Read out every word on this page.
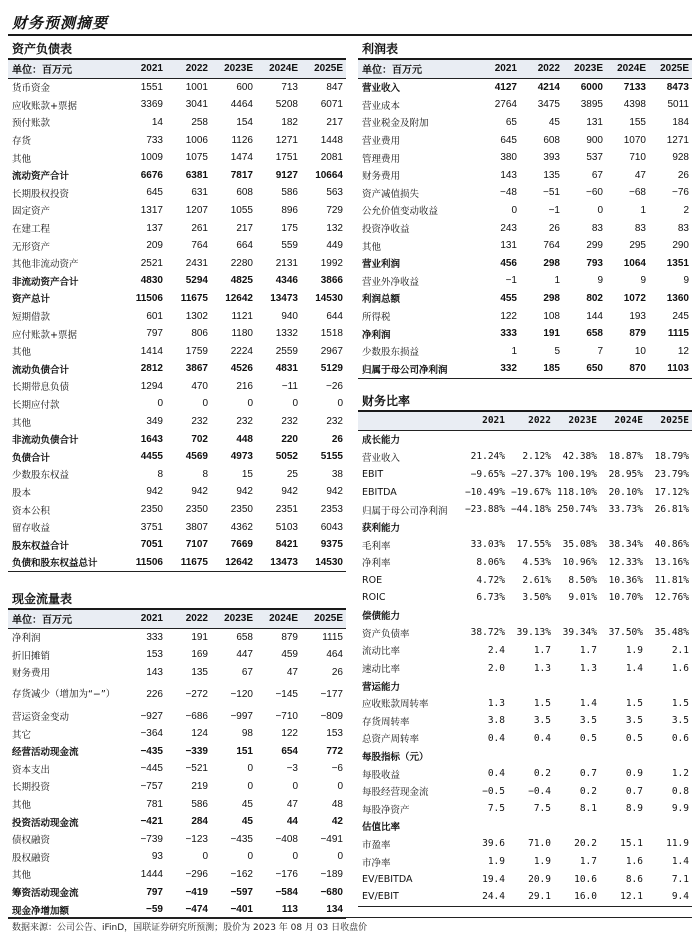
财务预测摘要
资产负债表
单位：百万元	2021	2022	2023E	2024E	2025E
货币资金	1551	1001	600	713	847
应收账款+票据	3369	3041	4464	5208	6071
预付账款	14	258	154	182	217
存货	733	1006	1126	1271	1448
其他	1009	1075	1474	1751	2081
流动资产合计	6676	6381	7817	9127	10664
长期股权投资	645	631	608	586	563
固定资产	1317	1207	1055	896	729
在建工程	137	261	217	175	132
无形资产	209	764	664	559	449
其他非流动资产	2521	2431	2280	2131	1992
非流动资产合计	4830	5294	4825	4346	3866
资产总计	11506	11675	12642	13473	14530
短期借款	601	1302	1121	940	644
应付账款+票据	797	806	1180	1332	1518
其他	1414	1759	2224	2559	2967
流动负债合计	2812	3867	4526	4831	5129
长期带息负债	1294	470	216	−11	−26
长期应付款	0	0	0	0	0
其他	349	232	232	232	232
非流动负债合计	1643	702	448	220	26
负债合计	4455	4569	4973	5052	5155
少数股东权益	8	8	15	25	38
股本	942	942	942	942	942
资本公积	2350	2350	2350	2351	2353
留存收益	3751	3807	4362	5103	6043
股东权益合计	7051	7107	7669	8421	9375
负债和股东权益总计	11506	11675	12642	13473	14530
利润表
单位：百万元	2021	2022	2023E	2024E	2025E
营业收入	4127	4214	6000	7133	8473
营业成本	2764	3475	3895	4398	5011
营业税金及附加	65	45	131	155	184
营业费用	645	608	900	1070	1271
管理费用	380	393	537	710	928
财务费用	143	135	67	47	26
资产减值损失	−48	−51	−60	−68	−76
公允价值变动收益	0	−1	0	1	2
投资净收益	243	26	83	83	83
其他	131	764	299	295	290
营业利润	456	298	793	1064	1351
营业外净收益	−1	1	9	9	9
利润总额	455	298	802	1072	1360
所得税	122	108	144	193	245
净利润	333	191	658	879	1115
少数股东损益	1	5	7	10	12
归属于母公司净利润	332	185	650	870	1103
财务比率
	2021	2022	2023E	2024E	2025E
成长能力					
营业收入	21.24%	2.12%	42.38%	18.87%	18.79%
EBIT	−9.65%	−27.37%	100.19%	28.95%	23.79%
EBITDA	−10.49%	−19.67%	118.10%	20.10%	17.12%
归属于母公司净利润	−23.88%	−44.18%	250.74%	33.73%	26.81%
获利能力					
毛利率	33.03%	17.55%	35.08%	38.34%	40.86%
净利率	8.06%	4.53%	10.96%	12.33%	13.16%
ROE	4.72%	2.61%	8.50%	10.36%	11.81%
ROIC	6.73%	3.50%	9.01%	10.70%	12.76%
偿债能力					
资产负债率	38.72%	39.13%	39.34%	37.50%	35.48%
流动比率	2.4	1.7	1.7	1.9	2.1
速动比率	2.0	1.3	1.3	1.4	1.6
营运能力					
应收账款周转率	1.3	1.5	1.4	1.5	1.5
存货周转率	3.8	3.5	3.5	3.5	3.5
总资产周转率	0.4	0.4	0.5	0.5	0.6
每股指标（元）					
每股收益	0.4	0.2	0.7	0.9	1.2
每股经营现金流	−0.5	−0.4	0.2	0.7	0.8
每股净资产	7.5	7.5	8.1	8.9	9.9
估值比率					
市盈率	39.6	71.0	20.2	15.1	11.9
市净率	1.9	1.9	1.7	1.6	1.4
EV/EBITDA	19.4	20.9	10.6	8.6	7.1
EV/EBIT	24.4	29.1	16.0	12.1	9.4
现金流量表
单位：百万元	2021	2022	2023E	2024E	2025E
净利润	333	191	658	879	1115
折旧摊销	153	169	447	459	464
财务费用	143	135	67	47	26
存货减少（增加为“−”）	226	−272	−120	−145	−177
营运资金变动	−927	−686	−997	−710	−809
其它	−364	124	98	122	153
经营活动现金流	−435	−339	151	654	772
资本支出	−445	−521	0	−3	−6
长期投资	−757	219	0	0	0
其他	781	586	45	47	48
投资活动现金流	−421	284	45	44	42
债权融资	−739	−123	−435	−408	−491
股权融资	93	0	0	0	0
其他	1444	−296	−162	−176	−189
筹资活动现金流	797	−419	−597	−584	−680
现金净增加额	−59	−474	−401	113	134
数据来源：公司公告、iFinD，国联证券研究所预测；股价为 2023 年 08 月 03 日收盘价
